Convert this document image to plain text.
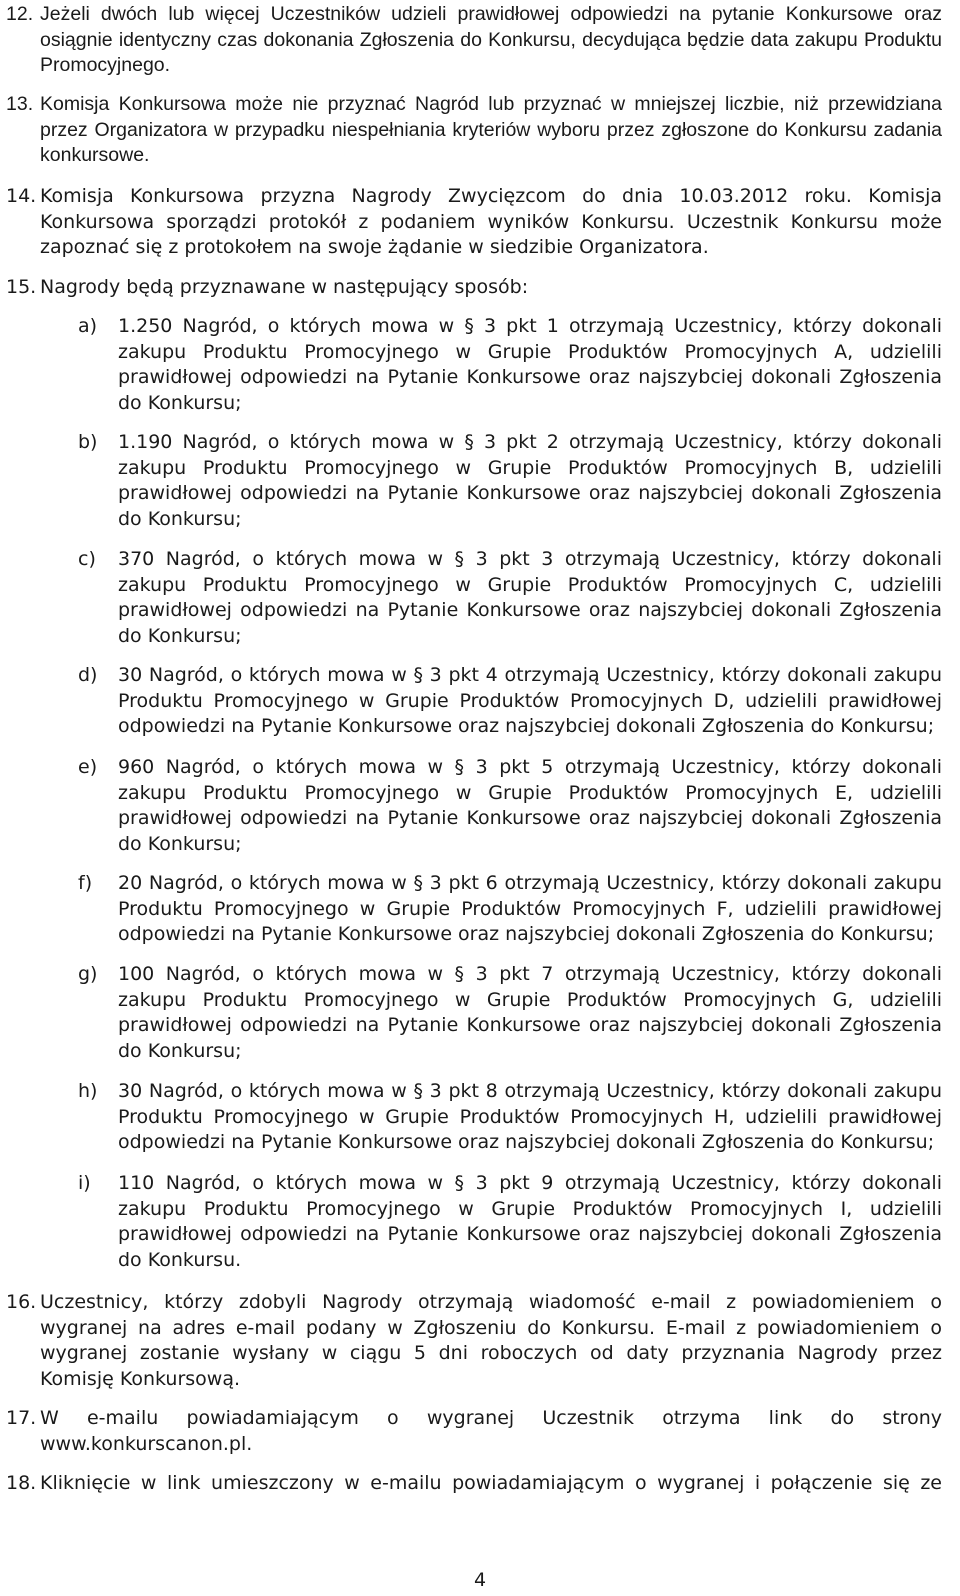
12. Jeżeli dwóch lub więcej Uczestników udzieli prawidłowej odpowiedzi na pytanie Konkursowe oraz osiągnie identyczny czas dokonania Zgłoszenia do Konkursu, decydująca będzie data zakupu Produktu Promocyjnego.
13. Komisja Konkursowa może nie przyznać Nagród lub przyznać w mniejszej liczbie, niż przewidziana przez Organizatora w przypadku niespełniania kryteriów wyboru przez zgłoszone do Konkursu zadania konkursowe.
14. Komisja Konkursowa przyzna Nagrody Zwycięzcom do dnia 10.03.2012 roku. Komisja Konkursowa sporządzi protokół z podaniem wyników Konkursu. Uczestnik Konkursu może zapoznać się z protokołem na swoje żądanie w siedzibie Organizatora.
15. Nagrody będą przyznawane w następujący sposób:
a)	1.250 Nagród, o których mowa w § 3 pkt 1 otrzymają Uczestnicy, którzy dokonali zakupu Produktu Promocyjnego w Grupie Produktów Promocyjnych A, udzielili prawidłowej odpowiedzi na Pytanie Konkursowe oraz najszybciej dokonali Zgłoszenia do Konkursu;
b)	1.190 Nagród, o których mowa w § 3 pkt 2 otrzymają Uczestnicy, którzy dokonali zakupu Produktu Promocyjnego w Grupie Produktów Promocyjnych B, udzielili prawidłowej odpowiedzi na Pytanie Konkursowe oraz najszybciej dokonali Zgłoszenia do Konkursu;
c)	370 Nagród, o których mowa w § 3 pkt 3 otrzymają Uczestnicy, którzy dokonali zakupu Produktu Promocyjnego w Grupie Produktów Promocyjnych C, udzielili prawidłowej odpowiedzi na Pytanie Konkursowe oraz najszybciej dokonali Zgłoszenia do Konkursu;
d)	30 Nagród, o których mowa w § 3 pkt 4 otrzymają Uczestnicy, którzy dokonali zakupu Produktu Promocyjnego w Grupie Produktów Promocyjnych D, udzielili prawidłowej odpowiedzi na Pytanie Konkursowe oraz najszybciej dokonali Zgłoszenia do Konkursu;
e)	960 Nagród, o których mowa w § 3 pkt 5 otrzymają Uczestnicy, którzy dokonali zakupu Produktu Promocyjnego w Grupie Produktów Promocyjnych E, udzielili prawidłowej odpowiedzi na Pytanie Konkursowe oraz najszybciej dokonali Zgłoszenia do Konkursu;
f)	20 Nagród, o których mowa w § 3 pkt 6 otrzymają Uczestnicy, którzy dokonali zakupu Produktu Promocyjnego w Grupie Produktów Promocyjnych F, udzielili prawidłowej odpowiedzi na Pytanie Konkursowe oraz najszybciej dokonali Zgłoszenia do Konkursu;
g)	100 Nagród, o których mowa w § 3 pkt 7 otrzymają Uczestnicy, którzy dokonali zakupu Produktu Promocyjnego w Grupie Produktów Promocyjnych G, udzielili prawidłowej odpowiedzi na Pytanie Konkursowe oraz najszybciej dokonali Zgłoszenia do Konkursu;
h)	30 Nagród, o których mowa w § 3 pkt 8 otrzymają Uczestnicy, którzy dokonali zakupu Produktu Promocyjnego w Grupie Produktów Promocyjnych H, udzielili prawidłowej odpowiedzi na Pytanie Konkursowe oraz najszybciej dokonali Zgłoszenia do Konkursu;
i)	110 Nagród, o których mowa w § 3 pkt 9 otrzymają Uczestnicy, którzy dokonali zakupu Produktu Promocyjnego w Grupie Produktów Promocyjnych I, udzielili prawidłowej odpowiedzi na Pytanie Konkursowe oraz najszybciej dokonali Zgłoszenia do Konkursu.
16. Uczestnicy, którzy zdobyli Nagrody otrzymają wiadomość e-mail z powiadomieniem o wygranej na adres e-mail podany w Zgłoszeniu do Konkursu. E-mail z powiadomieniem o wygranej zostanie wysłany w ciągu 5 dni roboczych od daty przyznania Nagrody przez Komisję Konkursową.
17. W e-mailu powiadamiającym o wygranej Uczestnik otrzyma link do strony www.konkurscanon.pl.
18. Kliknięcie w link umieszczony w e-mailu powiadamiającym o wygranej i połączenie się ze
4
